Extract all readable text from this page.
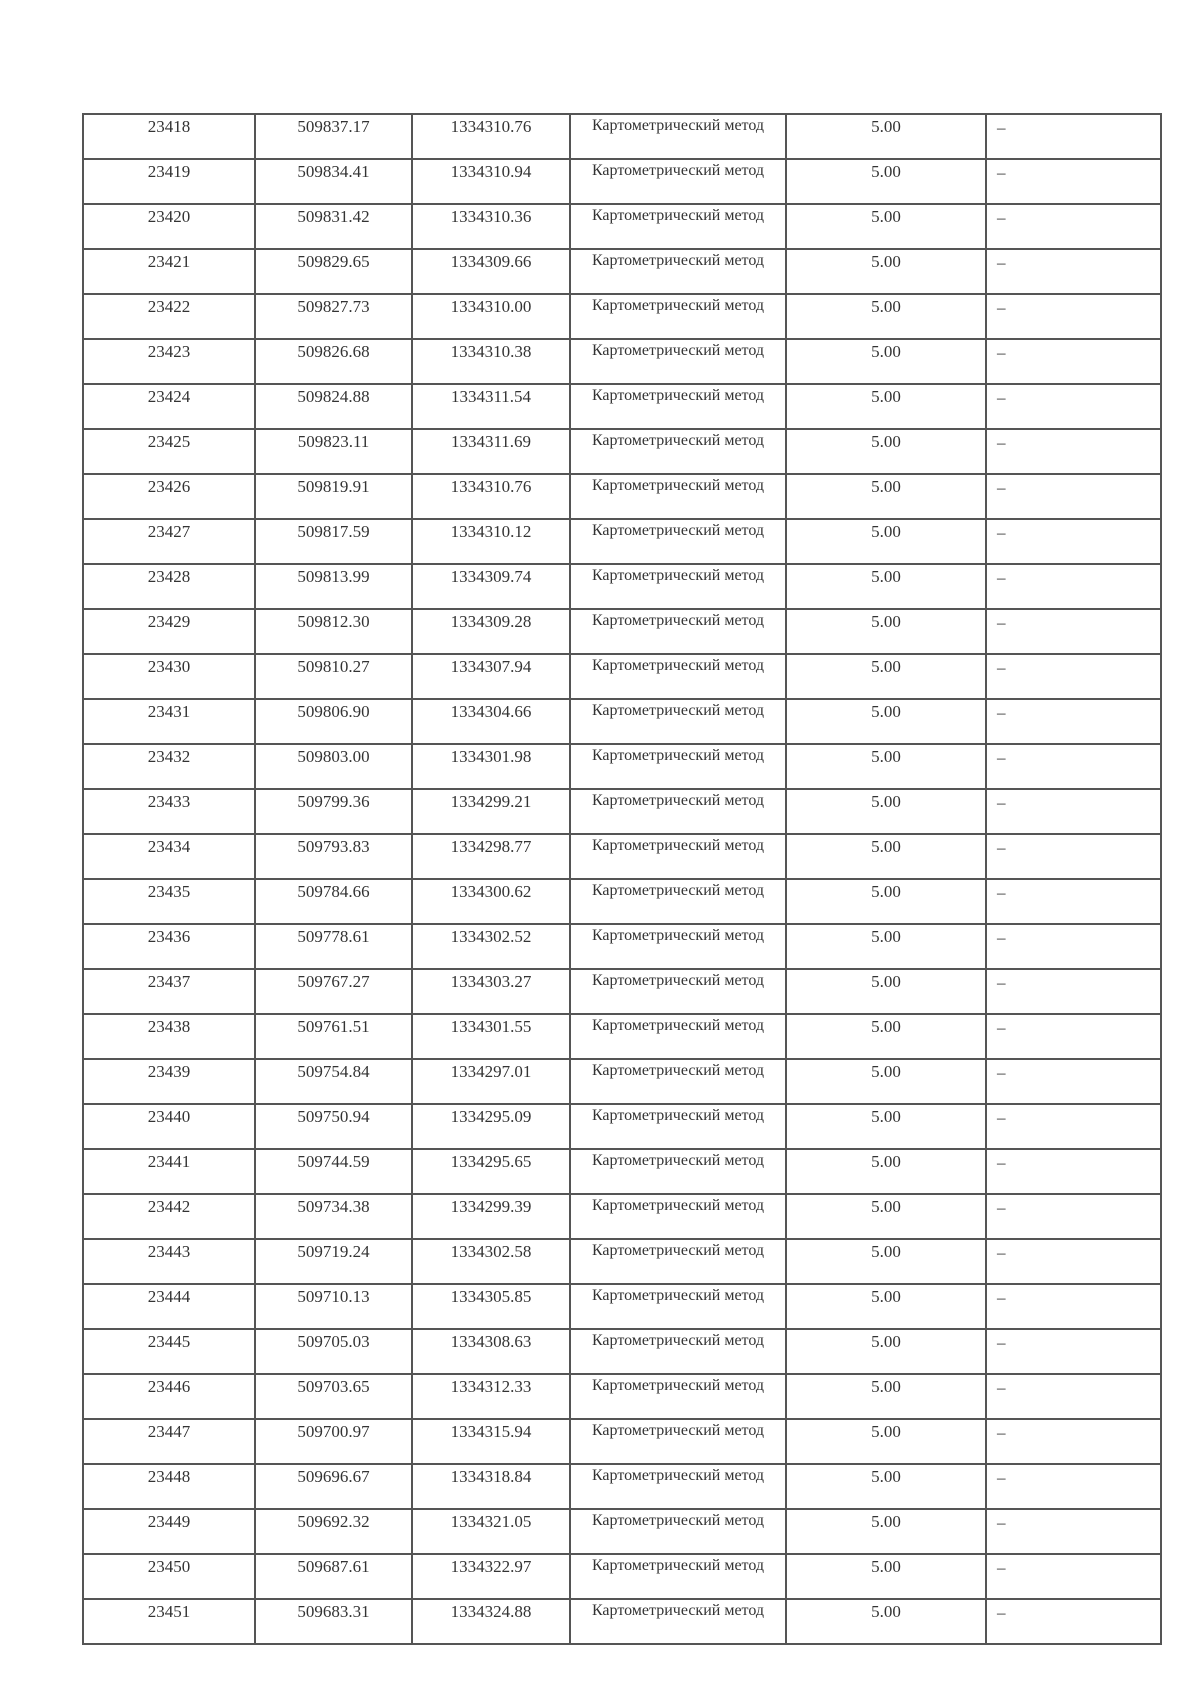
23418	509837.17	1334310.76	Картометрический метод	5.00	–
23419	509834.41	1334310.94	Картометрический метод	5.00	–
23420	509831.42	1334310.36	Картометрический метод	5.00	–
23421	509829.65	1334309.66	Картометрический метод	5.00	–
23422	509827.73	1334310.00	Картометрический метод	5.00	–
23423	509826.68	1334310.38	Картометрический метод	5.00	–
23424	509824.88	1334311.54	Картометрический метод	5.00	–
23425	509823.11	1334311.69	Картометрический метод	5.00	–
23426	509819.91	1334310.76	Картометрический метод	5.00	–
23427	509817.59	1334310.12	Картометрический метод	5.00	–
23428	509813.99	1334309.74	Картометрический метод	5.00	–
23429	509812.30	1334309.28	Картометрический метод	5.00	–
23430	509810.27	1334307.94	Картометрический метод	5.00	–
23431	509806.90	1334304.66	Картометрический метод	5.00	–
23432	509803.00	1334301.98	Картометрический метод	5.00	–
23433	509799.36	1334299.21	Картометрический метод	5.00	–
23434	509793.83	1334298.77	Картометрический метод	5.00	–
23435	509784.66	1334300.62	Картометрический метод	5.00	–
23436	509778.61	1334302.52	Картометрический метод	5.00	–
23437	509767.27	1334303.27	Картометрический метод	5.00	–
23438	509761.51	1334301.55	Картометрический метод	5.00	–
23439	509754.84	1334297.01	Картометрический метод	5.00	–
23440	509750.94	1334295.09	Картометрический метод	5.00	–
23441	509744.59	1334295.65	Картометрический метод	5.00	–
23442	509734.38	1334299.39	Картометрический метод	5.00	–
23443	509719.24	1334302.58	Картометрический метод	5.00	–
23444	509710.13	1334305.85	Картометрический метод	5.00	–
23445	509705.03	1334308.63	Картометрический метод	5.00	–
23446	509703.65	1334312.33	Картометрический метод	5.00	–
23447	509700.97	1334315.94	Картометрический метод	5.00	–
23448	509696.67	1334318.84	Картометрический метод	5.00	–
23449	509692.32	1334321.05	Картометрический метод	5.00	–
23450	509687.61	1334322.97	Картометрический метод	5.00	–
23451	509683.31	1334324.88	Картометрический метод	5.00	–
